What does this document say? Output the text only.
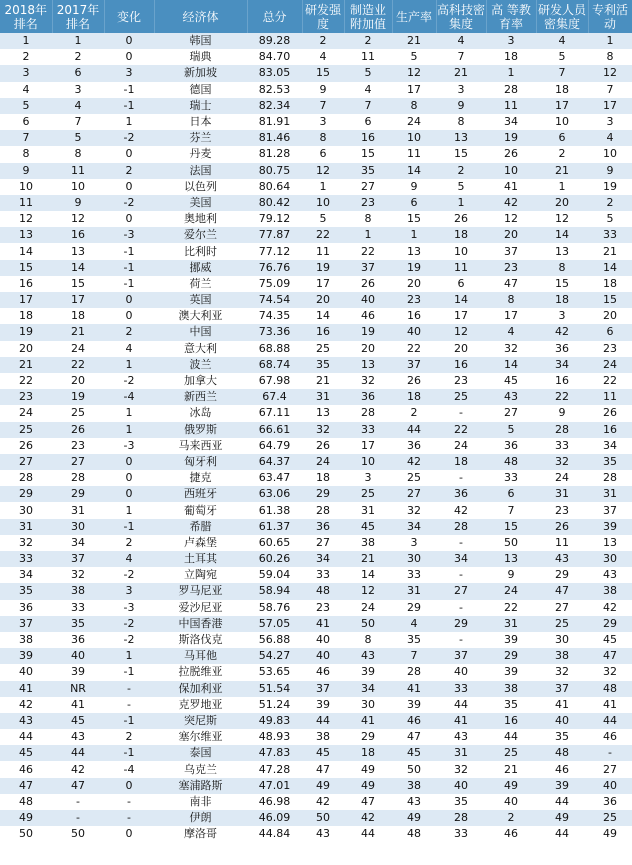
2018年排名	2017年排名	变化	经济体	总分	研发强度	制造业附加值	生产率	高科技密集度	高 等教育率	研发人员密集度	专利活动
1	1	0	韩国	89.28	2	2	21	4	3	4	1
2	2	0	瑞典	84.70	4	11	5	7	18	5	8
3	6	3	新加坡	83.05	15	5	12	21	1	7	12
4	3	-1	德国	82.53	9	4	17	3	28	18	7
5	4	-1	瑞士	82.34	7	7	8	9	11	17	17
6	7	1	日本	81.91	3	6	24	8	34	10	3
7	5	-2	芬兰	81.46	8	16	10	13	19	6	4
8	8	0	丹麦	81.28	6	15	11	15	26	2	10
9	11	2	法国	80.75	12	35	14	2	10	21	9
10	10	0	以色列	80.64	1	27	9	5	41	1	19
11	9	-2	美国	80.42	10	23	6	1	42	20	2
12	12	0	奥地利	79.12	5	8	15	26	12	12	5
13	16	-3	爱尔兰	77.87	22	1	1	18	20	14	33
14	13	-1	比利时	77.12	11	22	13	10	37	13	21
15	14	-1	挪威	76.76	19	37	19	11	23	8	14
16	15	-1	荷兰	75.09	17	26	20	6	47	15	18
17	17	0	英国	74.54	20	40	23	14	8	18	15
18	18	0	澳大利亚	74.35	14	46	16	17	17	3	20
19	21	2	中国	73.36	16	19	40	12	4	42	6
20	24	4	意大利	68.88	25	20	22	20	32	36	23
21	22	1	波兰	68.74	35	13	37	16	14	34	24
22	20	-2	加拿大	67.98	21	32	26	23	45	16	22
23	19	-4	新西兰	67.4	31	36	18	25	43	22	11
24	25	1	冰岛	67.11	13	28	2	-	27	9	26
25	26	1	俄罗斯	66.61	32	33	44	22	5	28	16
26	23	-3	马来西亚	64.79	26	17	36	24	36	33	34
27	27	0	匈牙利	64.37	24	10	42	18	48	32	35
28	28	0	捷克	63.47	18	3	25	-	33	24	28
29	29	0	西班牙	63.06	29	25	27	36	6	31	31
30	31	1	葡萄牙	61.38	28	31	32	42	7	23	37
31	30	-1	希腊	61.37	36	45	34	28	15	26	39
32	34	2	卢森堡	60.65	27	38	3	-	50	11	13
33	37	4	土耳其	60.26	34	21	30	34	13	43	30
34	32	-2	立陶宛	59.04	33	14	33	-	9	29	43
35	38	3	罗马尼亚	58.94	48	12	31	27	24	47	38
36	33	-3	爱沙尼亚	58.76	23	24	29	-	22	27	42
37	35	-2	中国香港	57.05	41	50	4	29	31	25	29
38	36	-2	斯洛伐克	56.88	40	8	35	-	39	30	45
39	40	1	马耳他	54.27	40	43	7	37	29	38	47
40	39	-1	拉脱维亚	53.65	46	39	28	40	39	32	32
41	NR	-	保加利亚	51.54	37	34	41	33	38	37	48
42	41	-	克罗地亚	51.24	39	30	39	44	35	41	41
43	45	-1	突尼斯	49.83	44	41	46	41	16	40	44
44	43	2	塞尔维亚	48.93	38	29	47	43	44	35	46
45	44	-1	泰国	47.83	45	18	45	31	25	48	-
46	42	-4	乌克兰	47.28	47	49	50	32	21	46	27
47	47	0	塞浦路斯	47.01	49	49	38	40	49	39	40
48	-	-	南非	46.98	42	47	43	35	40	44	36
49	-	-	伊朗	46.09	50	42	49	28	2	49	25
50	50	0	摩洛哥	44.84	43	44	48	33	46	44	49
